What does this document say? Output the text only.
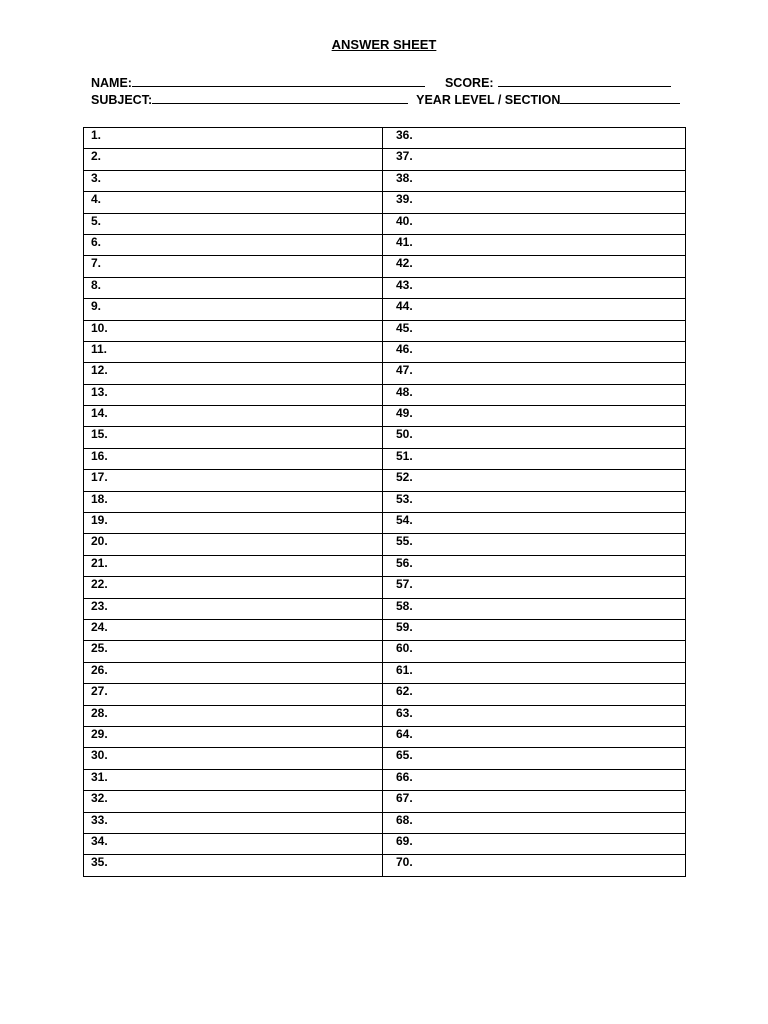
ANSWER SHEET
NAME:	SCORE:
SUBJECT:	YEAR LEVEL / SECTION
1.	36.
2.	37.
3.	38.
4.	39.
5.	40.
6.	41.
7.	42.
8.	43.
9.	44.
10.	45.
11.	46.
12.	47.
13.	48.
14.	49.
15.	50.
16.	51.
17.	52.
18.	53.
19.	54.
20.	55.
21.	56.
22.	57.
23.	58.
24.	59.
25.	60.
26.	61.
27.	62.
28.	63.
29.	64.
30.	65.
31.	66.
32.	67.
33.	68.
34.	69.
35.	70.
